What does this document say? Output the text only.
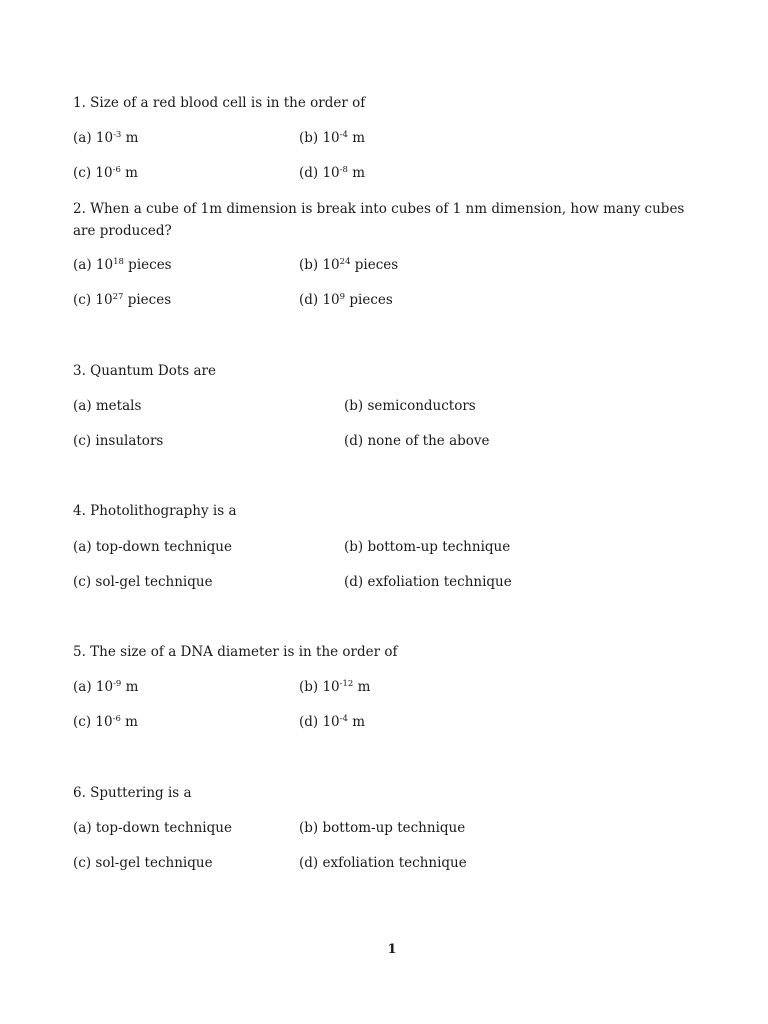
1. Size of a red blood cell is in the order of
(a) $10^{-3}$ m	(b) $10^{-4}$ m
(c) $10^{-6}$ m	(d) $10^{-8}$ m
2. When a cube of 1m dimension is break into cubes of 1 nm dimension, how many cubes are produced?
(a) $10^{18}$ pieces	(b) $10^{24}$ pieces
(c) $10^{27}$ pieces	(d) $10^9$ pieces
3. Quantum Dots are
(a) metals	(b) semiconductors
(c) insulators	(d) none of the above
4. Photolithography is a
(a) top-down technique	(b) bottom-up technique
(c) sol-gel technique	(d) exfoliation technique
5. The size of a DNA diameter is in the order of
(a) $10^{-9}$ m	(b) $10^{-12}$ m
(c) $10^{-6}$ m	(d) $10^{-4}$ m
6. Sputtering is a
(a) top-down technique	(b) bottom-up technique
(c) sol-gel technique	(d) exfoliation technique
1
